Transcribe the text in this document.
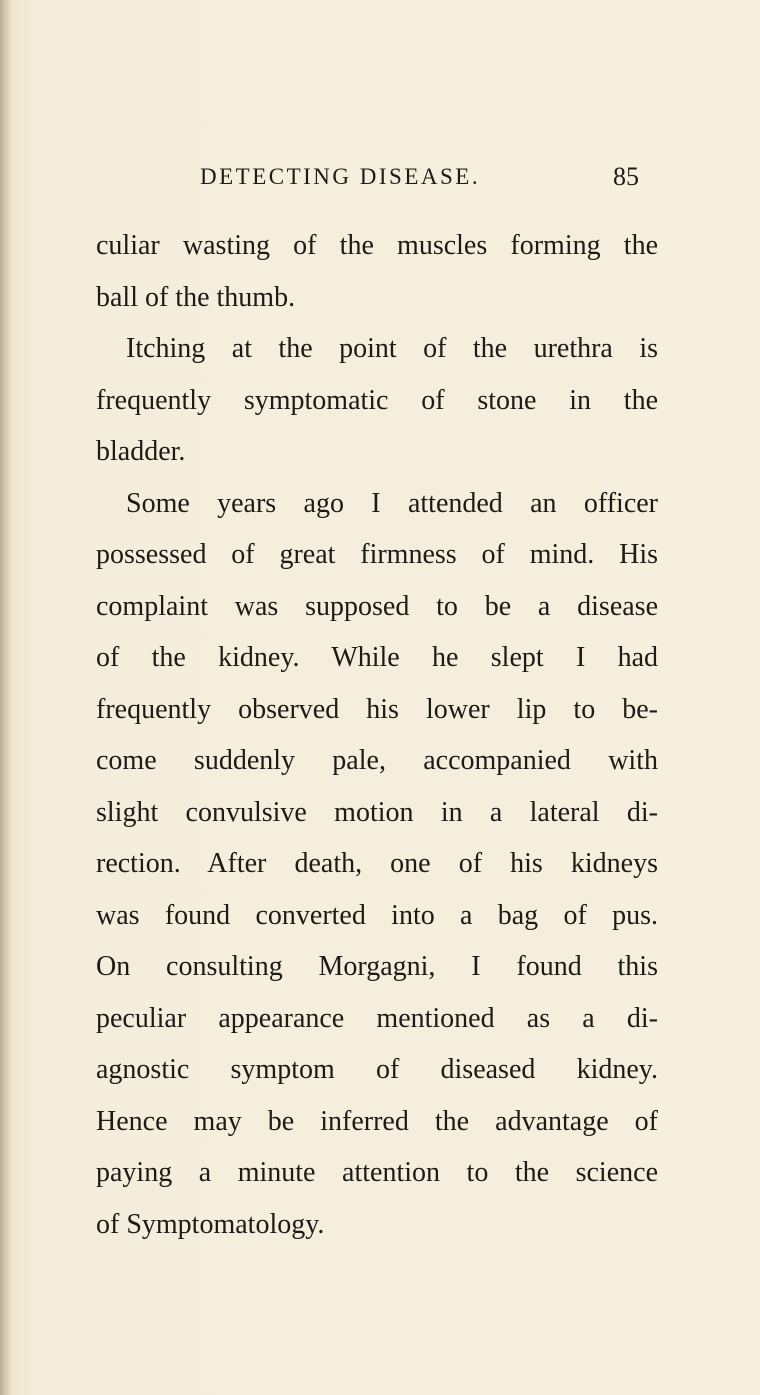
DETECTING DISEASE.	85
culiar wasting of the muscles forming the
ball of the thumb.
Itching at the point of the urethra is
frequently symptomatic of stone in the
bladder.
Some years ago I attended an officer
possessed of great firmness of mind. His
complaint was supposed to be a disease
of the kidney. While he slept I had
frequently observed his lower lip to be-
come suddenly pale, accompanied with
slight convulsive motion in a lateral di-
rection. After death, one of his kidneys
was found converted into a bag of pus.
On consulting Morgagni, I found this
peculiar appearance mentioned as a di-
agnostic symptom of diseased kidney.
Hence may be inferred the advantage of
paying a minute attention to the science
of Symptomatology.
